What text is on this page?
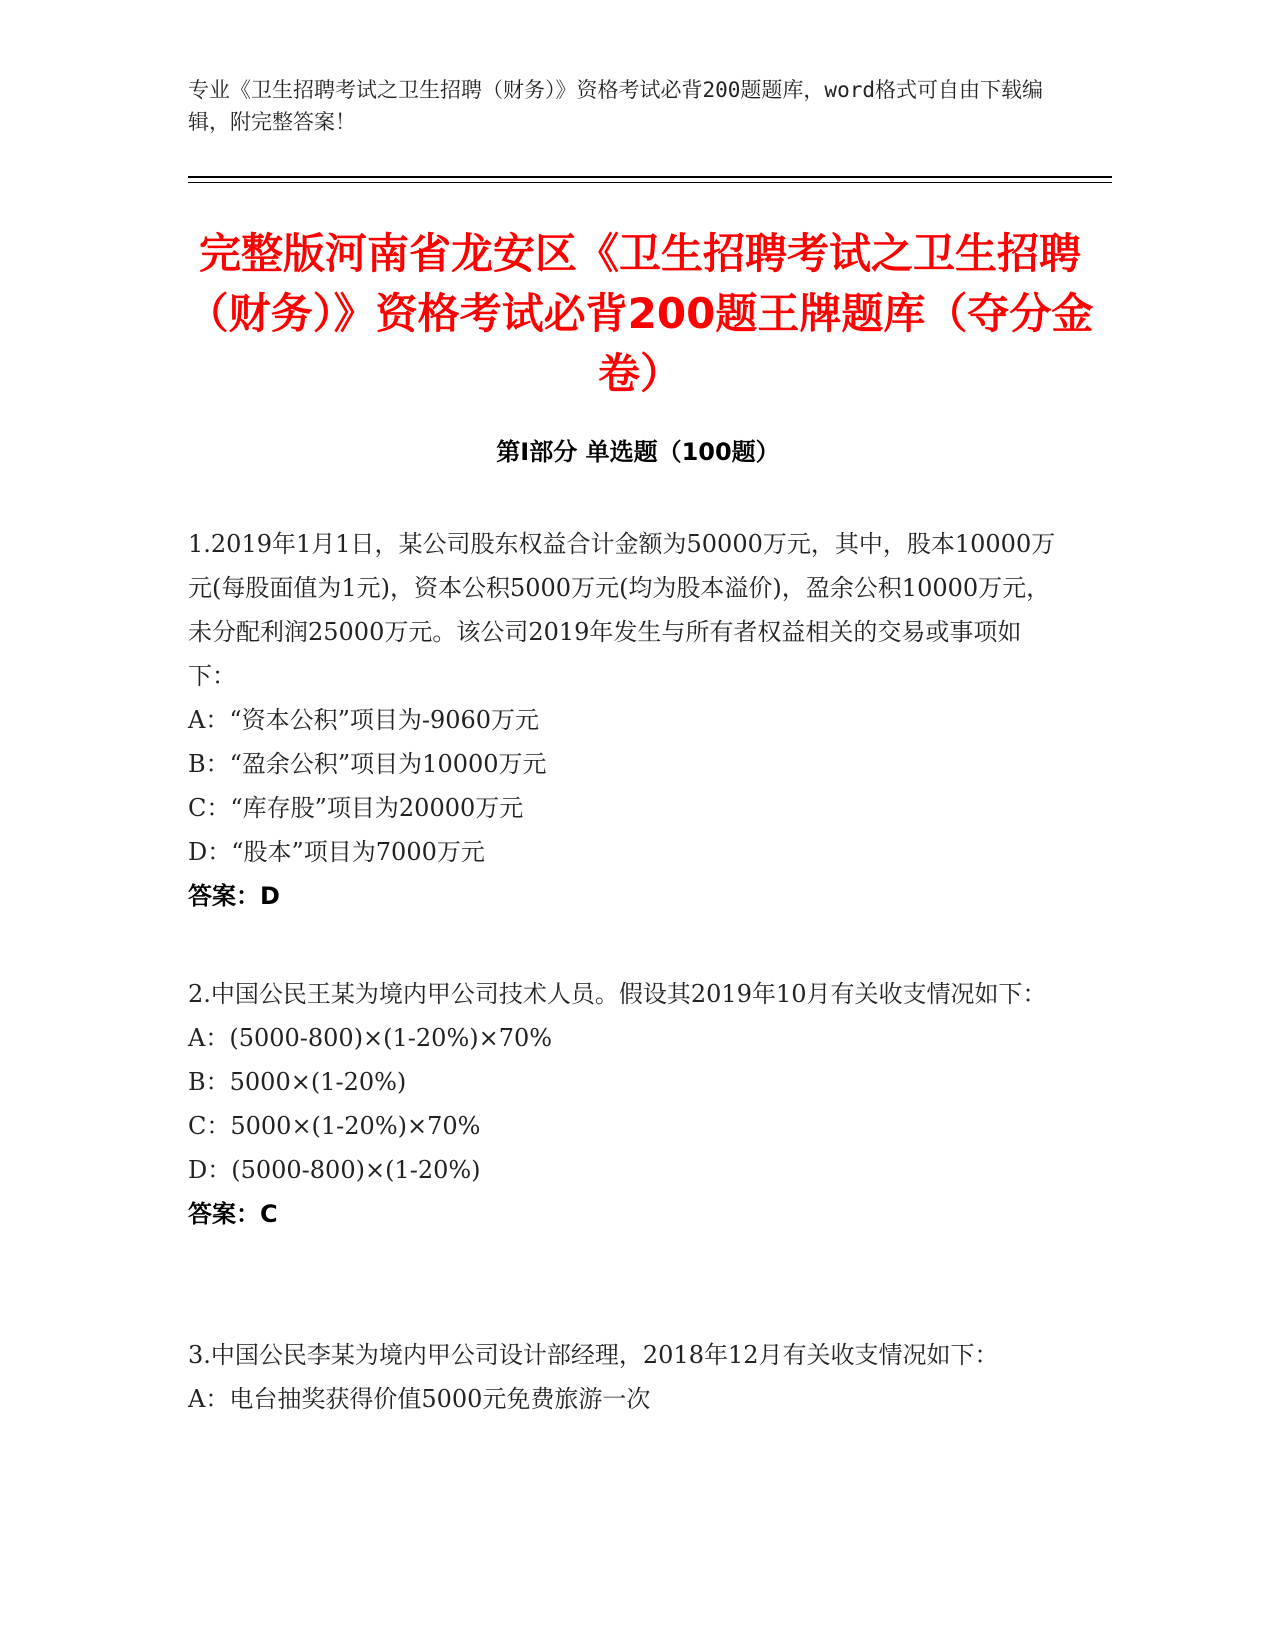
专业《卫生招聘考试之卫生招聘（财务）》资格考试必背200题题库，word格式可自由下载编辑，附完整答案！
完整版河南省龙安区《卫生招聘考试之卫生招聘（财务）》资格考试必背200题王牌题库（夺分金卷）
第Ⅰ部分 单选题（100题）
1.2019年1月1日，某公司股东权益合计金额为50000万元，其中，股本10000万元(每股面值为1元)，资本公积5000万元(均为股本溢价)，盈余公积10000万元，未分配利润25000万元。该公司2019年发生与所有者权益相关的交易或事项如下：
A：“资本公积”项目为-9060万元
B：“盈余公积”项目为10000万元
C：“库存股”项目为20000万元
D：“股本”项目为7000万元
答案：D
2.中国公民王某为境内甲公司技术人员。假设其2019年10月有关收支情况如下：
A：(5000-800)×(1-20%)×70%
B：5000×(1-20%)
C：5000×(1-20%)×70%
D：(5000-800)×(1-20%)
答案：C
3.中国公民李某为境内甲公司设计部经理，2018年12月有关收支情况如下：
A：电台抽奖获得价值5000元免费旅游一次
